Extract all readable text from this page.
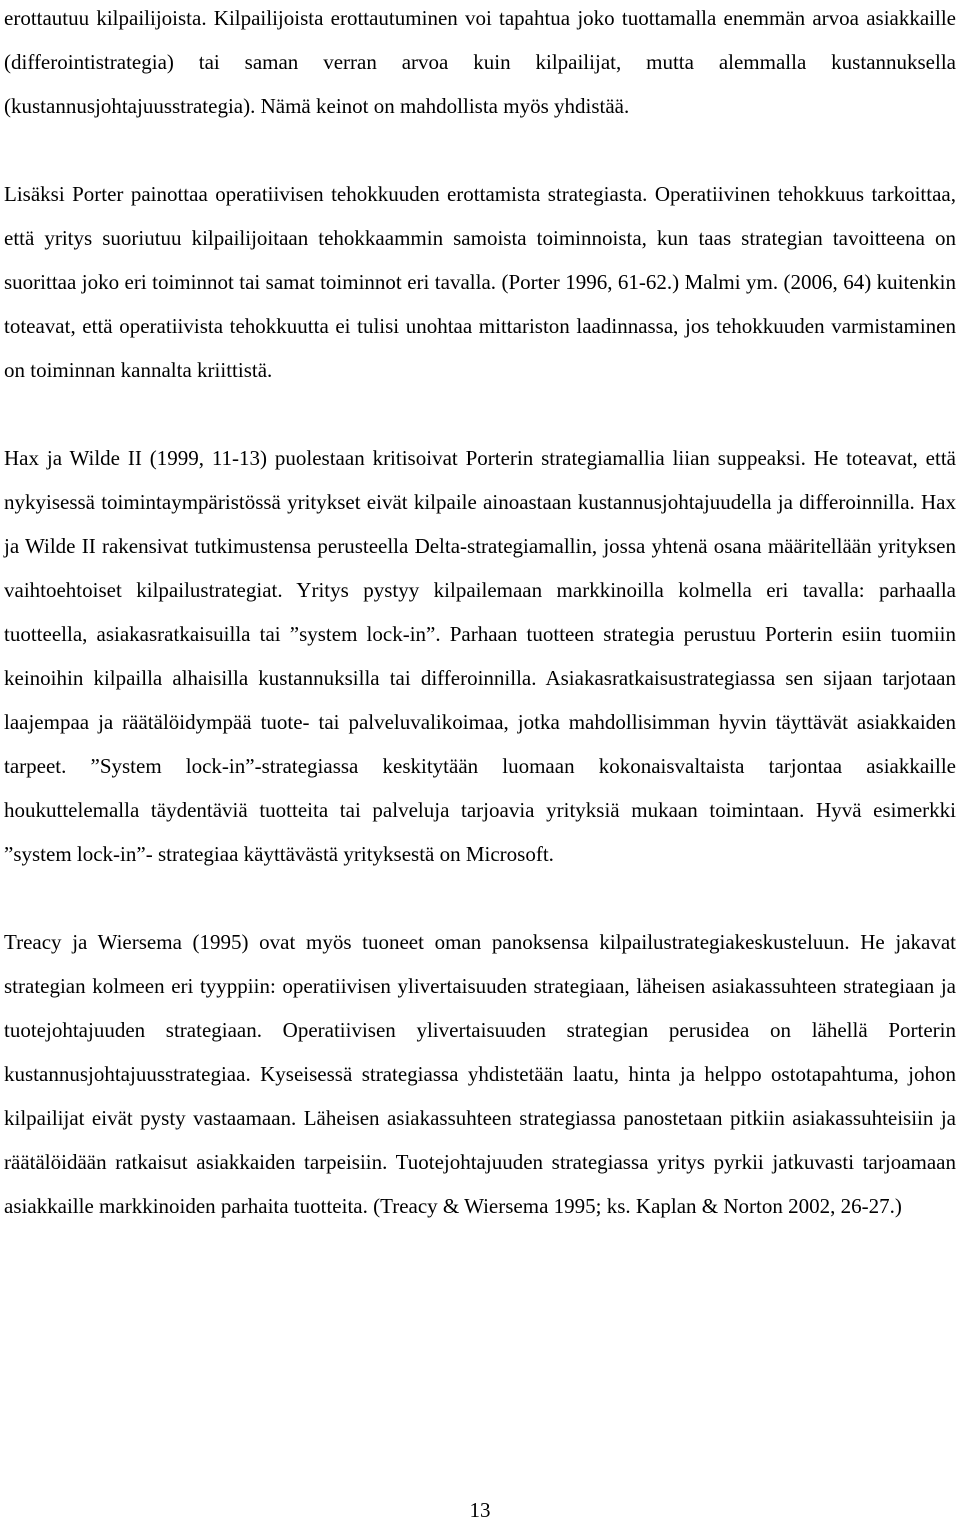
erottautuu kilpailijoista. Kilpailijoista erottautuminen voi tapahtua joko tuottamalla enemmän arvoa asiakkaille (differointistrategia) tai saman verran arvoa kuin kilpailijat, mutta alemmalla kustannuksella (kustannusjohtajuusstrategia). Nämä keinot on mahdollista myös yhdistää.

Lisäksi Porter painottaa operatiivisen tehokkuuden erottamista strategiasta. Operatiivinen tehokkuus tarkoittaa, että yritys suoriutuu kilpailijoitaan tehokkaammin samoista toiminnoista, kun taas strategian tavoitteena on suorittaa joko eri toiminnot tai samat toiminnot eri tavalla. (Porter 1996, 61-62.) Malmi ym. (2006, 64) kuitenkin toteavat, että operatiivista tehokkuutta ei tulisi unohtaa mittariston laadinnassa, jos tehokkuuden varmistaminen on toiminnan kannalta kriittistä.

Hax ja Wilde II (1999, 11-13) puolestaan kritisoivat Porterin strategiamallia liian suppeaksi. He toteavat, että nykyisessä toimintaympäristössä yritykset eivät kilpaile ainoastaan kustannusjohtajuudella ja differoinnilla. Hax ja Wilde II rakensivat tutkimustensa perusteella Delta-strategiamallin, jossa yhtenä osana määritellään yrityksen vaihtoehtoiset kilpailustrategiat. Yritys pystyy kilpailemaan markkinoilla kolmella eri tavalla: parhaalla tuotteella, asiakasratkaisuilla tai ”system lock-in”. Parhaan tuotteen strategia perustuu Porterin esiin tuomiin keinoihin kilpailla alhaisilla kustannuksilla tai differoinnilla. Asiakasratkaisustrategiassa sen sijaan tarjotaan laajempaa ja räätälöidympää tuote- tai palveluvalikoimaa, jotka mahdollisimman hyvin täyttävät asiakkaiden tarpeet. ”System lock-in”-strategiassa keskitytään luomaan kokonaisvaltaista tarjontaa asiakkaille houkuttelemalla täydentäviä tuotteita tai palveluja tarjoavia yrityksiä mukaan toimintaan. Hyvä esimerkki ”system lock-in”- strategiaa käyttävästä yrityksestä on Microsoft.

Treacy ja Wiersema (1995) ovat myös tuoneet oman panoksensa kilpailustrategiakeskusteluun. He jakavat strategian kolmeen eri tyyppiin: operatiivisen ylivertaisuuden strategiaan, läheisen asiakassuhteen strategiaan ja tuotejohtajuuden strategiaan. Operatiivisen ylivertaisuuden strategian perusidea on lähellä Porterin kustannusjohtajuusstrategiaa. Kyseisessä strategiassa yhdistetään laatu, hinta ja helppo ostotapahtuma, johon kilpailijat eivät pysty vastaamaan. Läheisen asiakassuhteen strategiassa panostetaan pitkiin asiakassuhteisiin ja räätälöidään ratkaisut asiakkaiden tarpeisiin. Tuotejohtajuuden strategiassa yritys pyrkii jatkuvasti tarjoamaan asiakkaille markkinoiden parhaita tuotteita. (Treacy & Wiersema 1995; ks. Kaplan & Norton 2002, 26-27.)

13
